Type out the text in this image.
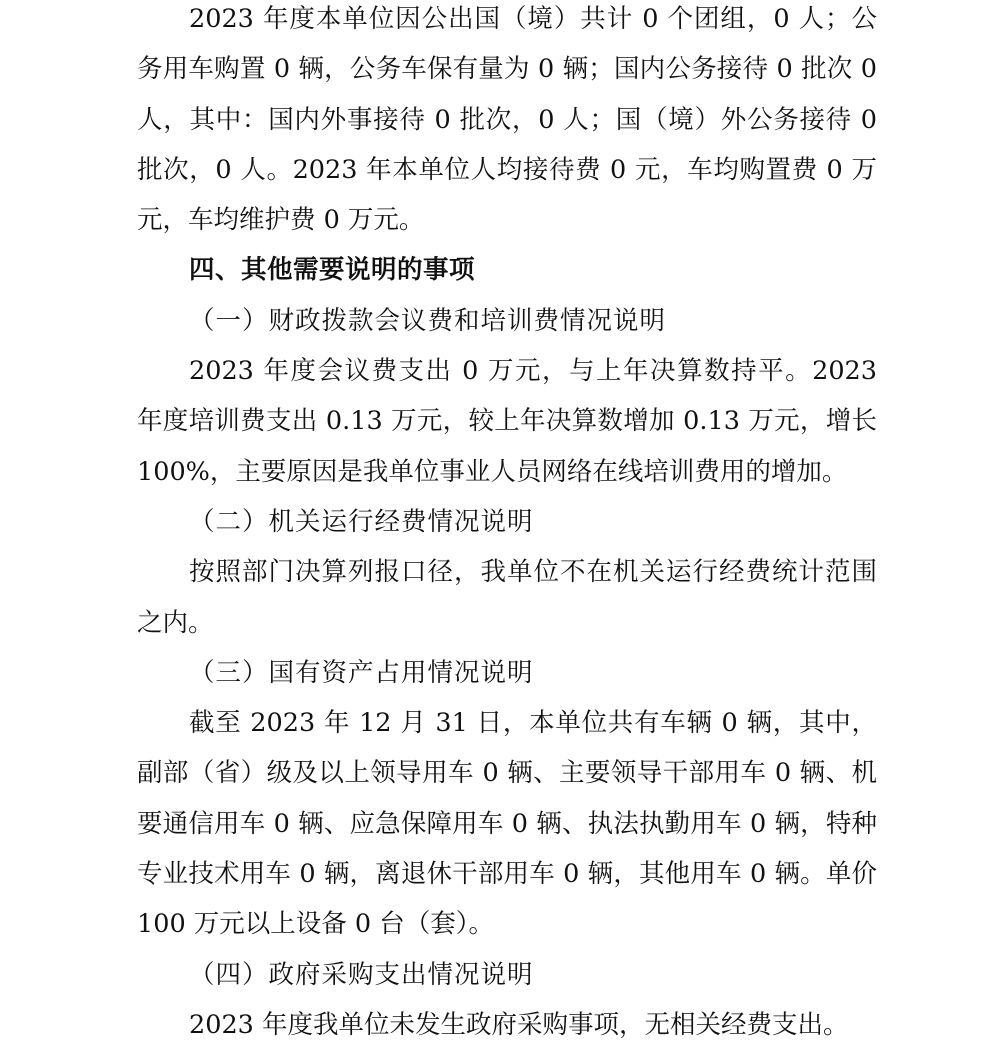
2023 年度本单位因公出国（境）共计 0 个团组，0 人；公务用车购置 0 辆，公务车保有量为 0 辆；国内公务接待 0 批次 0 人，其中：国内外事接待 0 批次，0 人；国（境）外公务接待 0 批次，0 人。2023 年本单位人均接待费 0 元，车均购置费 0 万元，车均维护费 0 万元。

四、其他需要说明的事项

（一）财政拨款会议费和培训费情况说明

2023 年度会议费支出 0 万元，与上年决算数持平。2023 年度培训费支出 0.13 万元，较上年决算数增加 0.13 万元，增长 100%，主要原因是我单位事业人员网络在线培训费用的增加。

（二）机关运行经费情况说明

按照部门决算列报口径，我单位不在机关运行经费统计范围之内。

（三）国有资产占用情况说明

截至 2023 年 12 月 31 日，本单位共有车辆 0 辆，其中，副部（省）级及以上领导用车 0 辆、主要领导干部用车 0 辆、机要通信用车 0 辆、应急保障用车 0 辆、执法执勤用车 0 辆，特种专业技术用车 0 辆，离退休干部用车 0 辆，其他用车 0 辆。单价 100 万元以上设备 0 台（套）。

（四）政府采购支出情况说明

2023 年度我单位未发生政府采购事项，无相关经费支出。
